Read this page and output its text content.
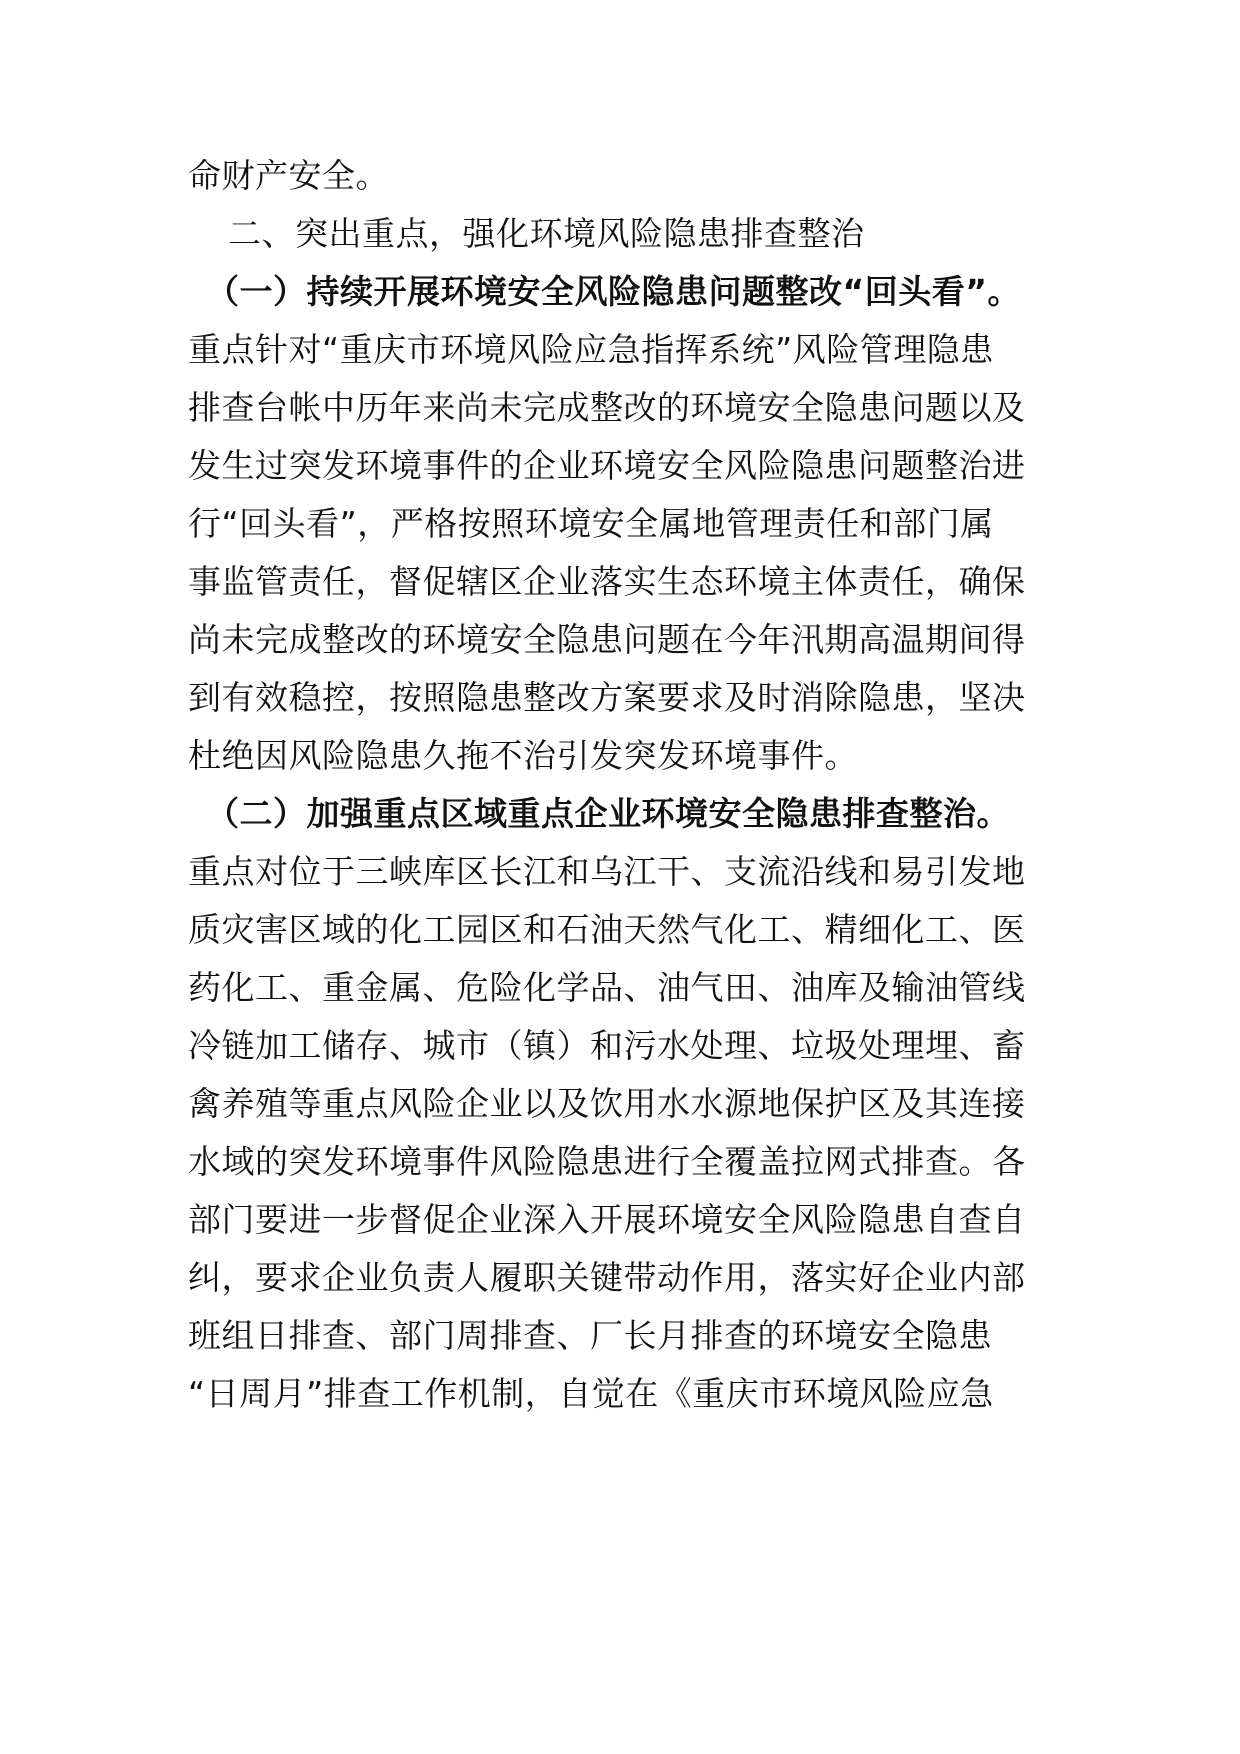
命财产安全。
二、突出重点，强化环境风险隐患排查整治
（一）持续开展环境安全风险隐患问题整改“回头看”。
重点针对“重庆市环境风险应急指挥系统”风险管理隐患
排查台帐中历年来尚未完成整改的环境安全隐患问题以及
发生过突发环境事件的企业环境安全风险隐患问题整治进
行“回头看”，严格按照环境安全属地管理责任和部门属
事监管责任，督促辖区企业落实生态环境主体责任，确保
尚未完成整改的环境安全隐患问题在今年汛期高温期间得
到有效稳控，按照隐患整改方案要求及时消除隐患，坚决
杜绝因风险隐患久拖不治引发突发环境事件。
（二）加强重点区域重点企业环境安全隐患排查整治。
重点对位于三峡库区长江和乌江干、支流沿线和易引发地
质灾害区域的化工园区和石油天然气化工、精细化工、医
药化工、重金属、危险化学品、油气田、油库及输油管线
冷链加工储存、城市（镇）和污水处理、垃圾处理埋、畜
禽养殖等重点风险企业以及饮用水水源地保护区及其连接
水域的突发环境事件风险隐患进行全覆盖拉网式排查。各
部门要进一步督促企业深入开展环境安全风险隐患自查自
纠，要求企业负责人履职关键带动作用，落实好企业内部
班组日排查、部门周排查、厂长月排查的环境安全隐患
“日周月”排查工作机制，自觉在《重庆市环境风险应急
